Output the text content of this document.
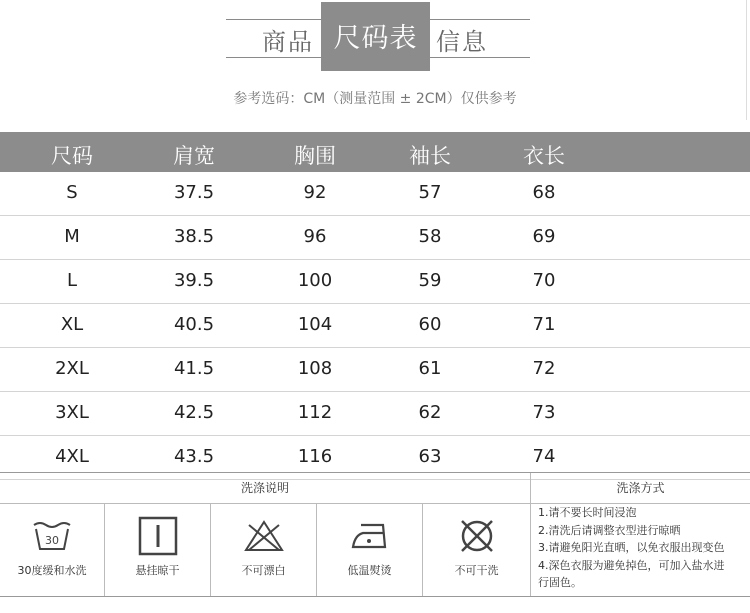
商品 尺码表 信息
参考选码：CM（测量范围 ± 2CM）仅供参考
尺码	肩宽	胸围	袖长	衣长
S	37.5	92	57	68
M	38.5	96	58	69
L	39.5	100	59	70
XL	40.5	104	60	71
2XL	41.5	108	61	72
3XL	42.5	112	62	73
4XL	43.5	116	63	74
洗涤说明	洗涤方式
30
30度缓和水洗	悬挂晾干	不可漂白	低温熨烫	不可干洗
1.请不要长时间浸泡
2.清洗后请调整衣型进行晾晒
3.请避免阳光直晒，以免衣服出现变色
4.深色衣服为避免掉色，可加入盐水进
行固色。
